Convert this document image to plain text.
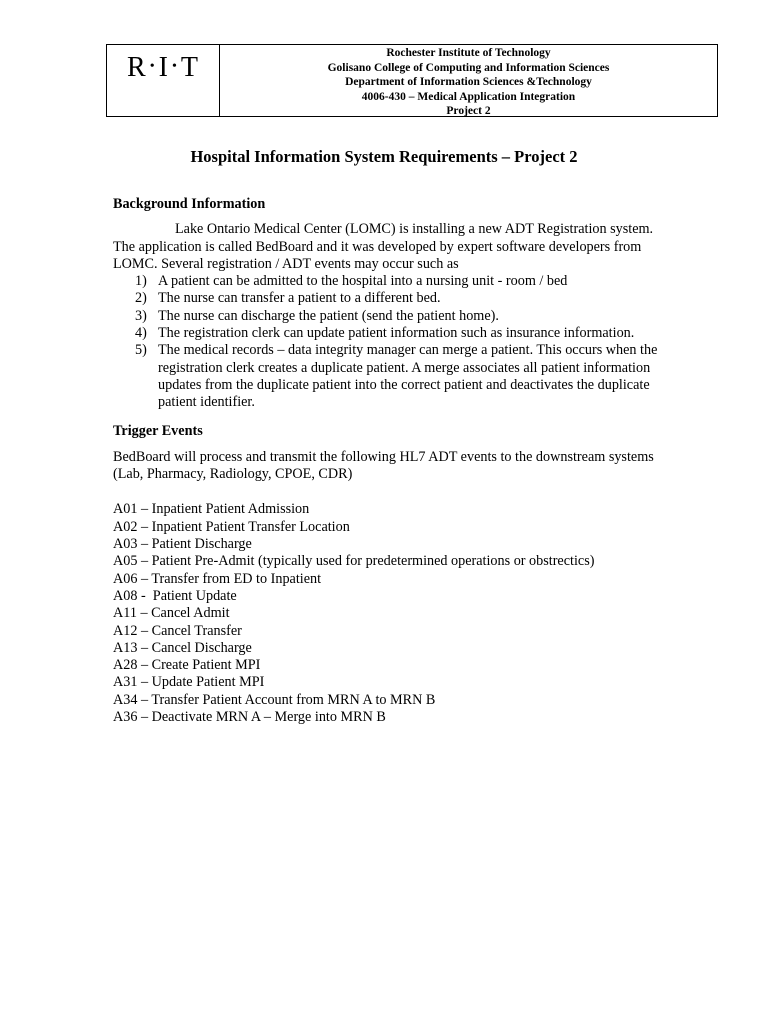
R • I • T	Rochester Institute of Technology
Golisano College of Computing and Information Sciences
Department of Information Sciences &Technology
4006-430 – Medical Application Integration
Project 2
Hospital Information System Requirements – Project 2

Background Information

Lake Ontario Medical Center (LOMC) is installing a new ADT Registration system. The application is called BedBoard and it was developed by expert software developers from LOMC. Several registration / ADT events may occur such as

1) A patient can be admitted to the hospital into a nursing unit - room / bed
2) The nurse can transfer a patient to a different bed.
3) The nurse can discharge the patient (send the patient home).
4) The registration clerk can update patient information such as insurance information.
5) The medical records – data integrity manager can merge a patient. This occurs when the registration clerk creates a duplicate patient. A merge associates all patient information updates from the duplicate patient into the correct patient and deactivates the duplicate patient identifier.

Trigger Events

BedBoard will process and transmit the following HL7 ADT events to the downstream systems (Lab, Pharmacy, Radiology, CPOE, CDR)

A01 – Inpatient Patient Admission
A02 – Inpatient Patient Transfer Location
A03 – Patient Discharge
A05 – Patient Pre-Admit (typically used for predetermined operations or obstrectics)
A06 – Transfer from ED to Inpatient
A08 -  Patient Update
A11 – Cancel Admit
A12 – Cancel Transfer
A13 – Cancel Discharge
A28 – Create Patient MPI
A31 – Update Patient MPI
A34 – Transfer Patient Account from MRN A to MRN B
A36 – Deactivate MRN A – Merge into MRN B
